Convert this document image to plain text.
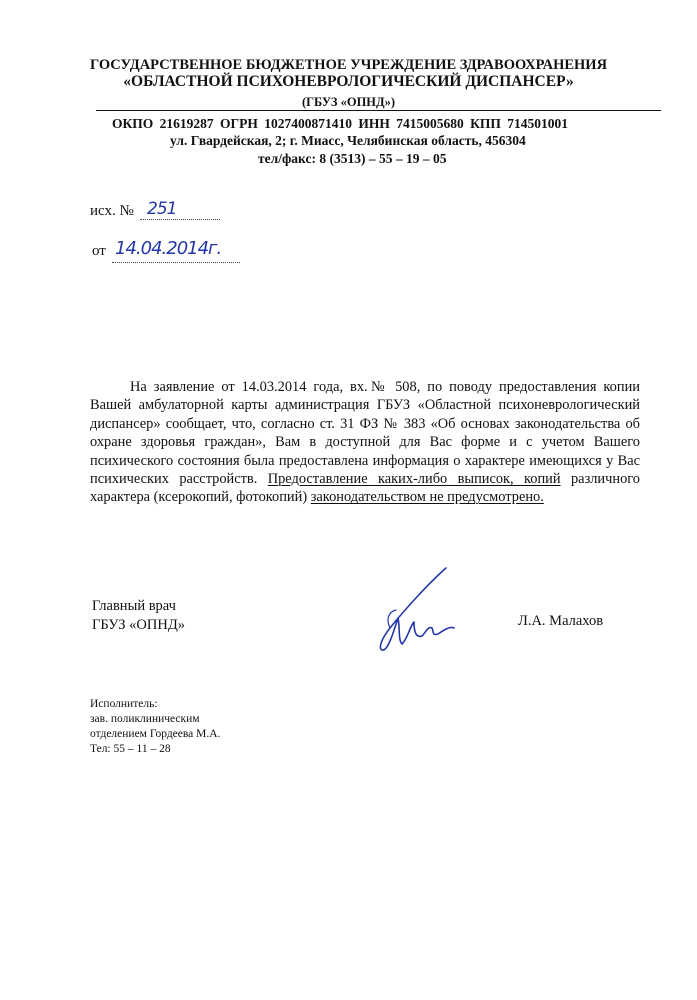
ГОСУДАРСТВЕННОЕ БЮДЖЕТНОЕ УЧРЕЖДЕНИЕ ЗДРАВООХРАНЕНИЯ
«ОБЛАСТНОЙ ПСИХОНЕВРОЛОГИЧЕСКИЙ ДИСПАНСЕР»
(ГБУЗ «ОПНД»)
ОКПО 21619287 ОГРН 1027400871410 ИНН 7415005680 КПП 714501001
ул. Гвардейская, 2; г. Миасс, Челябинская область, 456304
тел/факс: 8 (3513) – 55 – 19 – 05
исх. № 251
от 14.04.2014г.

На заявление от 14.03.2014 года, вх.№ 508, по поводу предоставления копии Вашей амбулаторной карты администрация ГБУЗ «Областной психоневрологический диспансер» сообщает, что, согласно ст. 31 ФЗ № 383 «Об основах законодательства об охране здоровья граждан», Вам в доступной для Вас форме и с учетом Вашего психического состояния была предоставлена информация о характере имеющихся у Вас психических расстройств. Предоставление каких-либо выписок, копий различного характера (ксерокопий, фотокопий) законодательством не предусмотрено.

Главный врач
ГБУЗ «ОПНД»	Л.А. Малахов
Исполнитель:
зав. поликлиническим
отделением Гордеева М.А.
Тел: 55 – 11 – 28
